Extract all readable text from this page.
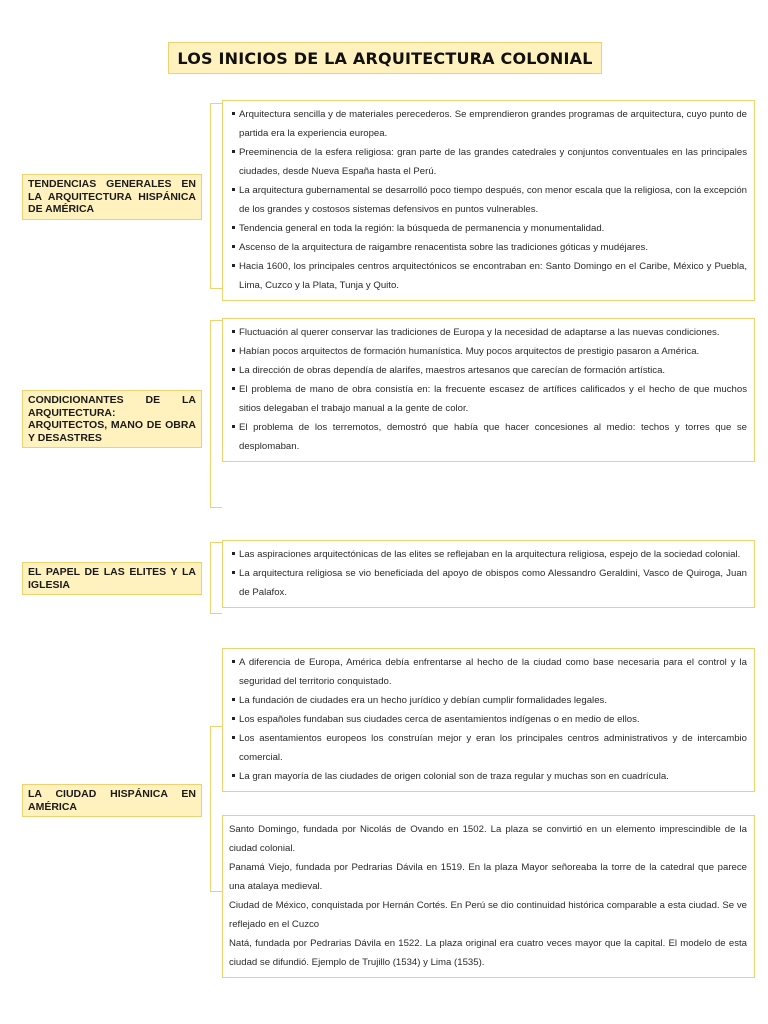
LOS INICIOS DE LA ARQUITECTURA COLONIAL
TENDENCIAS GENERALES EN LA ARQUITECTURA HISPÁNICA DE AMÉRICA
Arquitectura sencilla y de materiales perecederos. Se emprendieron grandes programas de arquitectura, cuyo punto de partida era la experiencia europea.
Preeminencia de la esfera religiosa: gran parte de las grandes catedrales y conjuntos conventuales en las principales ciudades, desde Nueva España hasta el Perú.
La arquitectura gubernamental se desarrolló poco tiempo después, con menor escala que la religiosa, con la excepción de los grandes y costosos sistemas defensivos en puntos vulnerables.
Tendencia general en toda la región: la búsqueda de permanencia y monumentalidad.
Ascenso de la arquitectura de raigambre renacentista sobre las tradiciones góticas y mudéjares.
Hacia 1600, los principales centros arquitectónicos se encontraban en: Santo Domingo en el Caribe, México y Puebla, Lima, Cuzco y la Plata, Tunja y Quito.
CONDICIONANTES DE LA ARQUITECTURA: ARQUITECTOS, MANO DE OBRA Y DESASTRES
Fluctuación al querer conservar las tradiciones de Europa y la necesidad de adaptarse a las nuevas condiciones.
Habían pocos arquitectos de formación humanística. Muy pocos arquitectos de prestigio pasaron a América.
La dirección de obras dependía de alarifes, maestros artesanos que carecían de formación artística.
El problema de mano de obra consistía en: la frecuente escasez de artífices calificados y el hecho de que muchos sitios delegaban el trabajo manual a la gente de color.
El problema de los terremotos, demostró que había que hacer concesiones al medio: techos y torres que se desplomaban.
EL PAPEL DE LAS ELITES Y LA IGLESIA
Las aspiraciones arquitectónicas de las elites se reflejaban en la arquitectura religiosa, espejo de la sociedad colonial.
La arquitectura religiosa se vio beneficiada del apoyo de obispos como Alessandro Geraldini, Vasco de Quiroga, Juan de Palafox.
LA CIUDAD HISPÁNICA EN AMÉRICA
A diferencia de Europa, América debía enfrentarse al hecho de la ciudad como base necesaria para el control y la seguridad del territorio conquistado.
La fundación de ciudades era un hecho jurídico y debían cumplir formalidades legales.
Los españoles fundaban sus ciudades cerca de asentamientos indígenas o en medio de ellos.
Los asentamientos europeos los construían mejor y eran los principales centros administrativos y de intercambio comercial.
La gran mayoría de las ciudades de origen colonial son de traza regular y muchas son en cuadrícula.

Santo Domingo, fundada por Nicolás de Ovando en 1502. La plaza se convirtió en un elemento imprescindible de la ciudad colonial.

Panamá Viejo, fundada por Pedrarias Dávila en 1519. En la plaza Mayor señoreaba la torre de la catedral que parece una atalaya medieval.

Ciudad de México, conquistada por Hernán Cortés. En Perú se dio continuidad histórica comparable a esta ciudad. Se ve reflejado en el Cuzco

Natá, fundada por Pedrarias Dávila en 1522. La plaza original era cuatro veces mayor que la capital. El modelo de esta ciudad se difundió. Ejemplo de Trujillo (1534) y Lima (1535).
